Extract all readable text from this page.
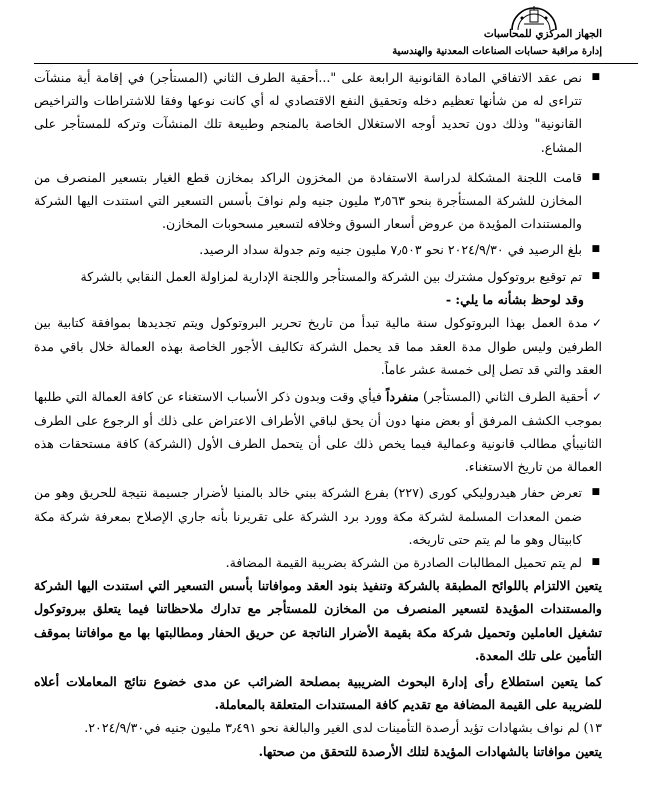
الجهاز المركزي للمحاسبات
إدارة مراقبة حسابات الصناعات المعدنية والهندسية

■
نص عقد الاتفاقي المادة القانونية الرابعة على "...أحقية الطرف الثاني (المستأجر) في إقامة أية منشآت تتراءى له من شأنها تعظيم دخله وتحقيق النفع الاقتصادي له أي كانت نوعها وفقا للاشتراطات والتراخيص القانونية" وذلك دون تحديد أوجه الاستغلال الخاصة بالمنجم وطبيعة تلك المنشآت وتركه للمستأجر على المشاع.

■
قامت اللجنة المشكلة لدراسة الاستفادة من المخزون الراكد بمخازن قطع الغيار بتسعير المنصرف من المخازن للشركة المستأجرة بنحو ٣٫٥٦٣ مليون جنيه ولم نوافَ بأسس التسعير التي استندت اليها الشركة والمستندات المؤيدة من عروض أسعار السوق وخلافه لتسعير مسحوبات المخازن.

■
بلغ الرصيد في ٢٠٢٤/٩/٣٠ نحو ٧٫٥٠٣ مليون جنيه وتم جدولة سداد الرصيد.

■
تم توقيع بروتوكول مشترك بين الشركة والمستأجر واللجنة الإدارية لمزاولة العمل النقابي بالشركة

وقد لوحظ بشأنه ما يلي: -

✓مدة العمل بهذا البروتوكول سنة مالية تبدأ من تاريخ تحرير البروتوكول ويتم تجديدها بموافقة كتابية بين الطرفين وليس طوال مدة العقد مما قد يحمل الشركة تكاليف الأجور الخاصة بهذه العمالة خلال باقي مدة العقد والتي قد تصل إلى خمسة عشر عاماً.

✓أحقية الطرف الثاني (المستأجر) منفرداً فيأي وقت وبدون ذكر الأسباب الاستغناء عن كافة العمالة التي طلبها بموجب الكشف المرفق أو بعض منها دون أن يحق لباقي الأطراف الاعتراض على ذلك أو الرجوع على الطرف الثانيبأي مطالب قانونية وعمالية فيما يخص ذلك على أن يتحمل الطرف الأول (الشركة) كافة مستحقات هذه العمالة من تاريخ الاستغناء.

■
تعرض حفار هيدروليكي كورى (٢٢٧) بفرع الشركة ببني خالد بالمنيا لأضرار جسيمة نتيجة للحريق وهو من ضمن المعدات المسلمة لشركة مكة وورد برد الشركة على تقريرنا بأنه جاري الإصلاح بمعرفة شركة مكة كابيتال وهو ما لم يتم حتى تاريخه.

■
لم يتم تحميل المطالبات الصادرة من الشركة بضريبة القيمة المضافة.

يتعين الالتزام باللوائح المطبقة بالشركة وتنفيذ بنود العقد وموافاتنا بأسس التسعير التي استندت اليها الشركة والمستندات المؤيدة لتسعير المنصرف من المخازن للمستأجر مع تدارك ملاحظاتنا فيما يتعلق ببروتوكول تشغيل العاملين وتحميل شركة مكة بقيمة الأضرار الناتجة عن حريق الحفار ومطالبتها بها مع موافاتنا بموقف التأمين على تلك المعدة.

كما يتعين استطلاع رأى إدارة البحوث الضريبية بمصلحة الضرائب عن مدى خضوع نتائج المعاملات أعلاه للضريبة على القيمة المضافة مع تقديم كافة المستندات المتعلقة بالمعاملة.

١٣) لم نواف بشهادات تؤيد أرصدة التأمينات لدى الغير والبالغة نحو ٣٫٤٩١ مليون جنيه في٢٠٢٤/٩/٣٠.

يتعين موافاتنا بالشهادات المؤيدة لتلك الأرصدة للتحقق من صحتها.
